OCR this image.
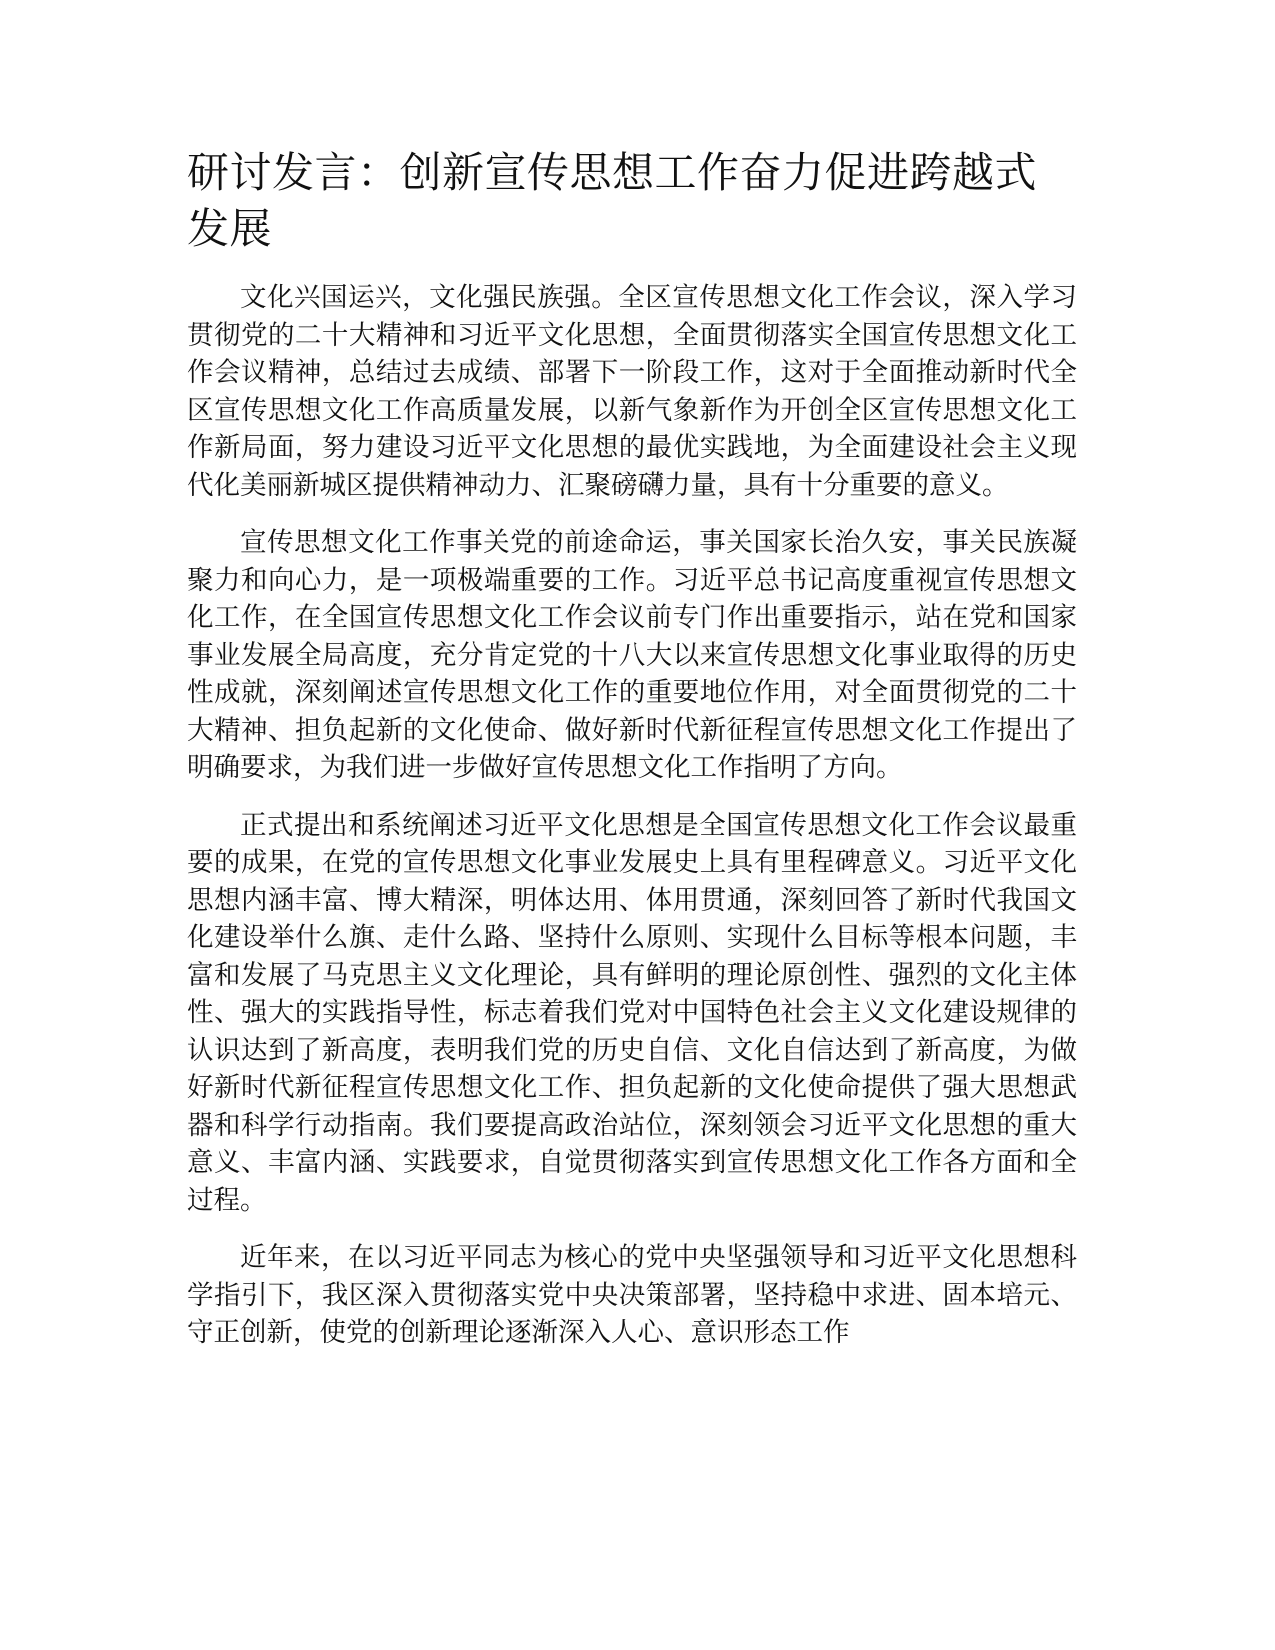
研讨发言：创新宣传思想工作奋力促进跨越式发展

文化兴国运兴，文化强民族强。全区宣传思想文化工作会议，深入学习贯彻党的二十大精神和习近平文化思想，全面贯彻落实全国宣传思想文化工作会议精神，总结过去成绩、部署下一阶段工作，这对于全面推动新时代全区宣传思想文化工作高质量发展，以新气象新作为开创全区宣传思想文化工作新局面，努力建设习近平文化思想的最优实践地，为全面建设社会主义现代化美丽新城区提供精神动力、汇聚磅礴力量，具有十分重要的意义。

宣传思想文化工作事关党的前途命运，事关国家长治久安，事关民族凝聚力和向心力，是一项极端重要的工作。习近平总书记高度重视宣传思想文化工作，在全国宣传思想文化工作会议前专门作出重要指示，站在党和国家事业发展全局高度，充分肯定党的十八大以来宣传思想文化事业取得的历史性成就，深刻阐述宣传思想文化工作的重要地位作用，对全面贯彻党的二十大精神、担负起新的文化使命、做好新时代新征程宣传思想文化工作提出了明确要求，为我们进一步做好宣传思想文化工作指明了方向。

正式提出和系统阐述习近平文化思想是全国宣传思想文化工作会议最重要的成果，在党的宣传思想文化事业发展史上具有里程碑意义。习近平文化思想内涵丰富、博大精深，明体达用、体用贯通，深刻回答了新时代我国文化建设举什么旗、走什么路、坚持什么原则、实现什么目标等根本问题，丰富和发展了马克思主义文化理论，具有鲜明的理论原创性、强烈的文化主体性、强大的实践指导性，标志着我们党对中国特色社会主义文化建设规律的认识达到了新高度，表明我们党的历史自信、文化自信达到了新高度，为做好新时代新征程宣传思想文化工作、担负起新的文化使命提供了强大思想武器和科学行动指南。我们要提高政治站位，深刻领会习近平文化思想的重大意义、丰富内涵、实践要求，自觉贯彻落实到宣传思想文化工作各方面和全过程。

近年来，在以习近平同志为核心的党中央坚强领导和习近平文化思想科学指引下，我区深入贯彻落实党中央决策部署，坚持稳中求进、固本培元、守正创新，使党的创新理论逐渐深入人心、意识形态工作
